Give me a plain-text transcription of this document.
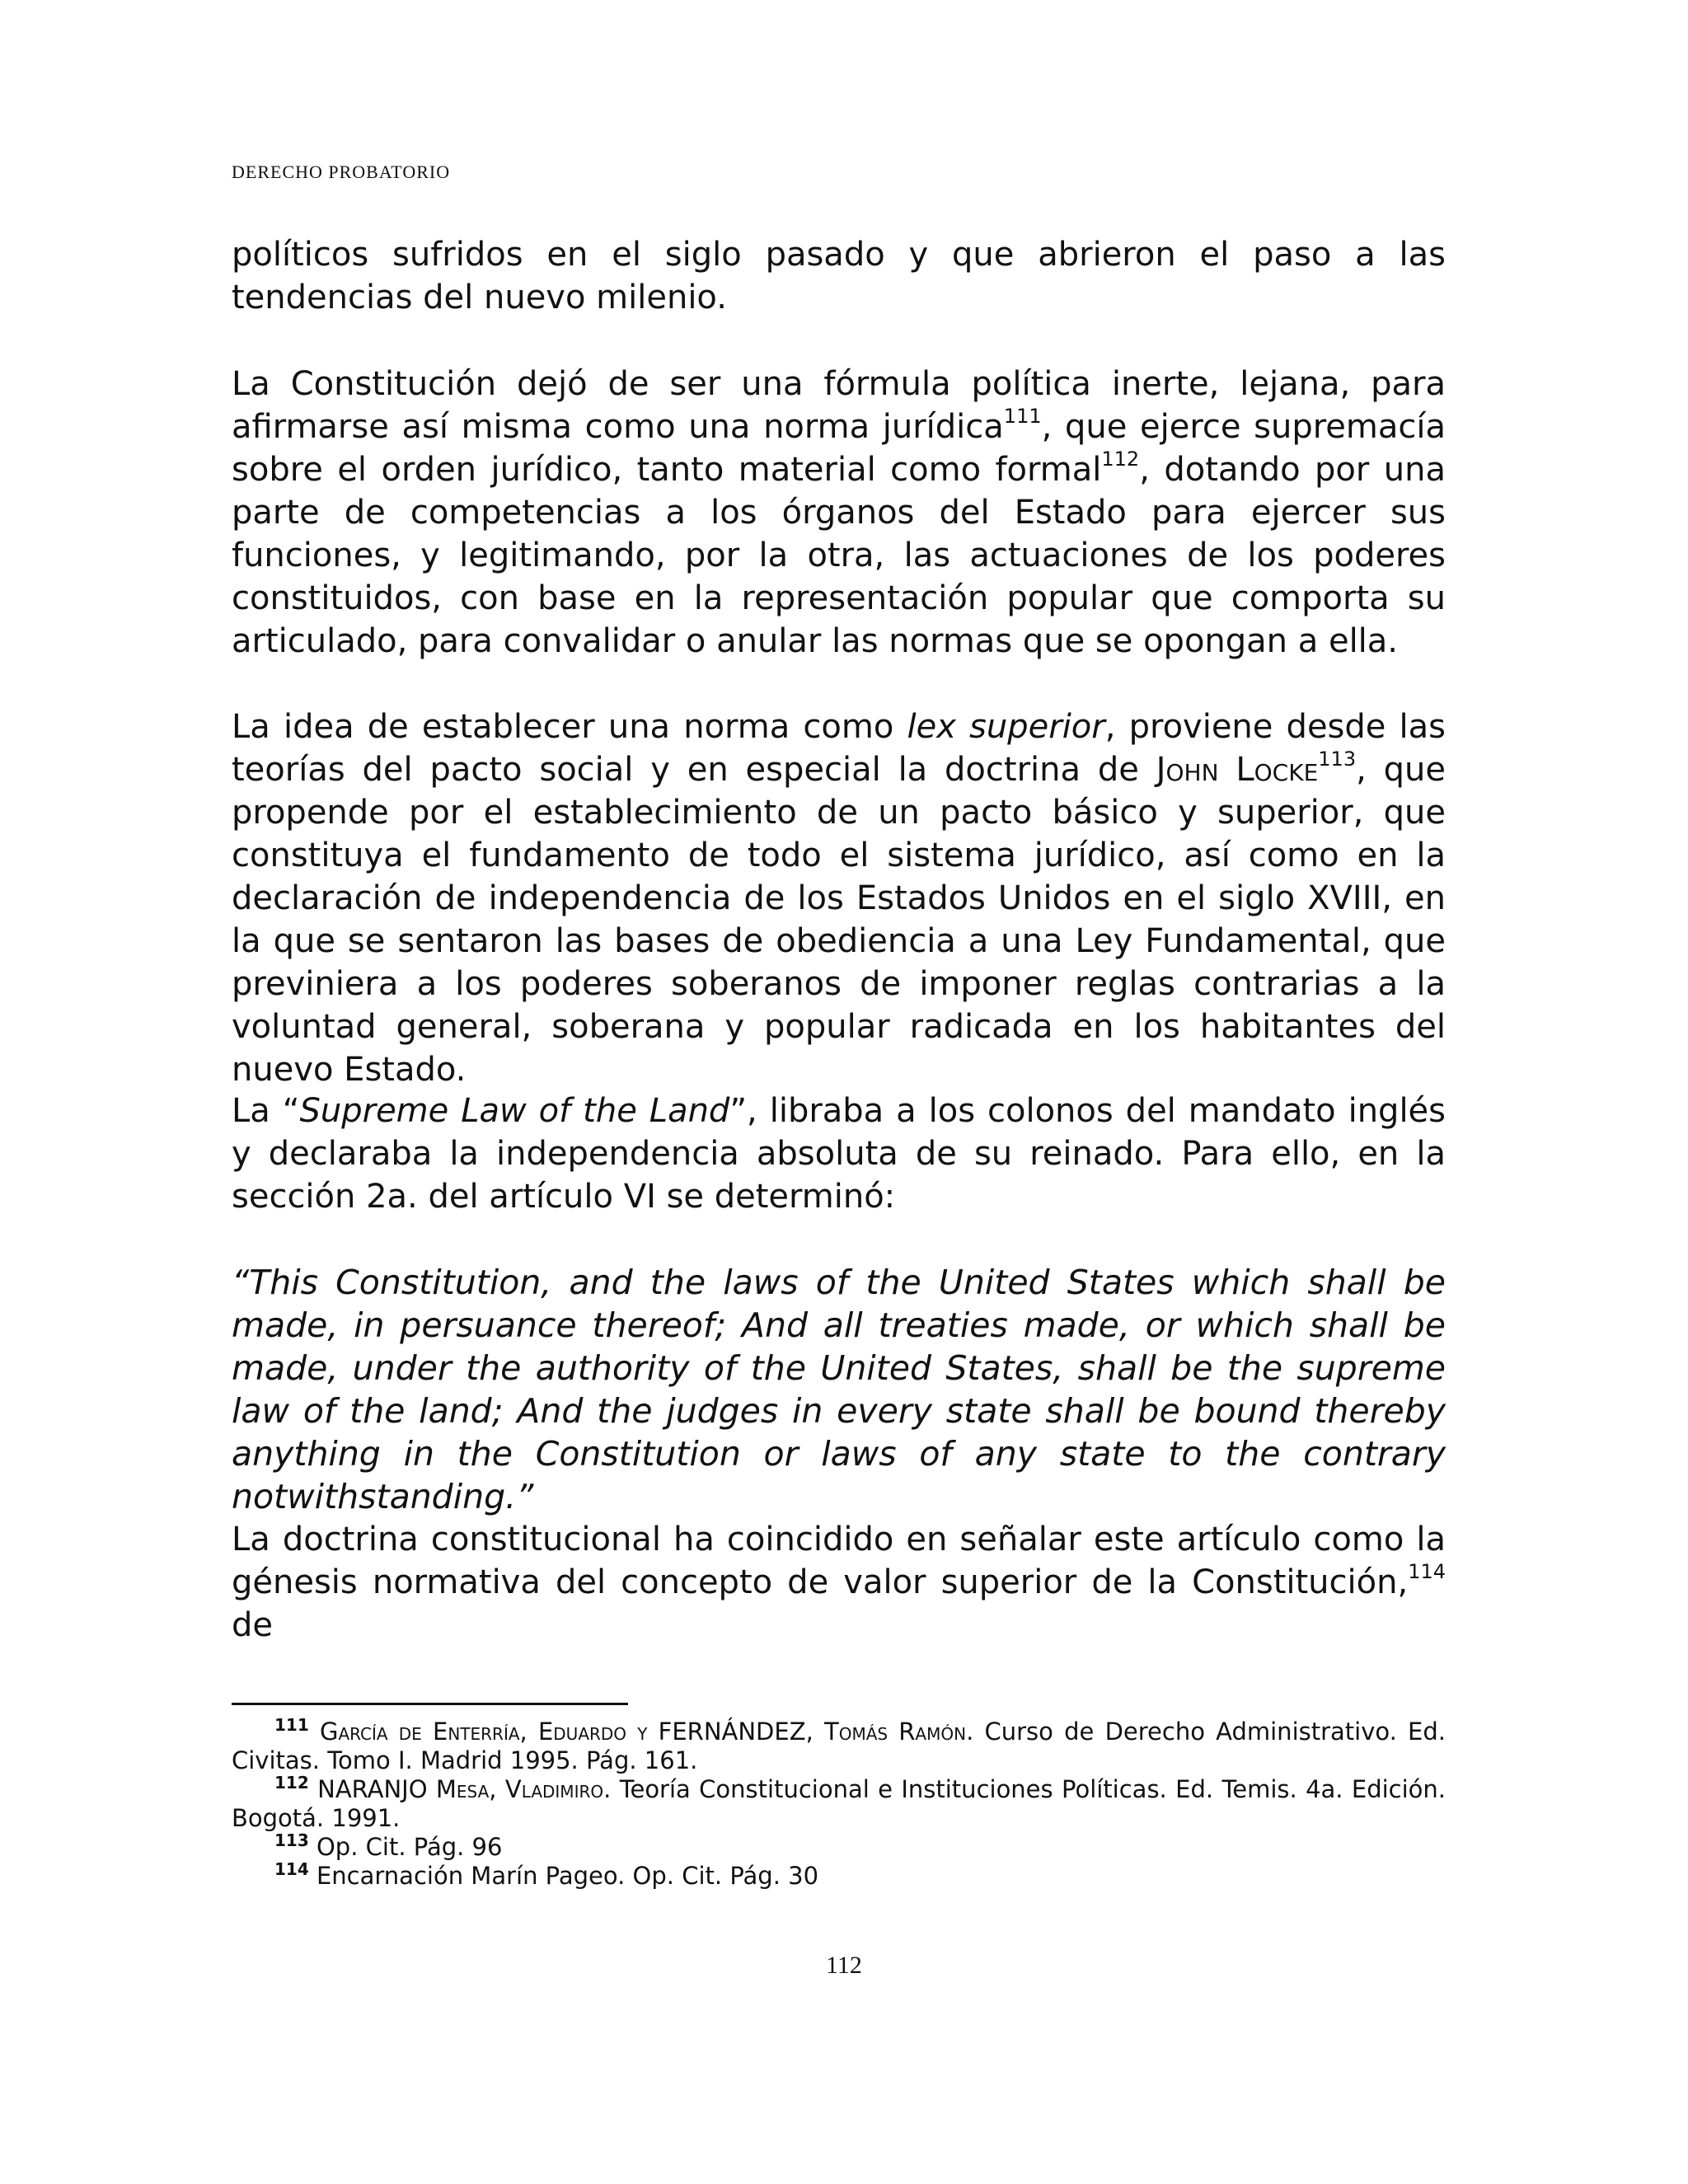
DERECHO PROBATORIO

políticos sufridos en el siglo pasado y que abrieron el paso a las tendencias del nuevo milenio.

La Constitución dejó de ser una fórmula política inerte, lejana, para afirmarse así misma como una norma jurídica$^{111}$, que ejerce supremacía sobre el orden jurídico, tanto material como formal$^{112}$, dotando por una parte de competencias a los órganos del Estado para ejercer sus funciones, y legitimando, por la otra, las actuaciones de los poderes constituidos, con base en la representación popular que comporta su articulado, para convalidar o anular las normas que se opongan a ella.

La idea de establecer una norma como lex superior, proviene desde las teorías del pacto social y en especial la doctrina de John Locke$^{113}$, que propende por el establecimiento de un pacto básico y superior, que constituya el fundamento de todo el sistema jurídico, así como en la declaración de independencia de los Estados Unidos en el siglo XVIII, en la que se sentaron las bases de obediencia a una Ley Fundamental, que previniera a los poderes soberanos de imponer reglas contrarias a la voluntad general, soberana y popular radicada en los habitantes del nuevo Estado.

La “Supreme Law of the Land”, libraba a los colonos del mandato inglés y declaraba la independencia absoluta de su reinado. Para ello, en la sección 2a. del artículo VI se determinó:

“This Constitution, and the laws of the United States which shall be made, in persuance thereof; And all treaties made, or which shall be made, under the authority of the United States, shall be the supreme law of the land; And the judges in every state shall be bound thereby anything in the Constitution or laws of any state to the contrary notwithstanding.”

La doctrina constitucional ha coincidido en señalar este artículo como la génesis normativa del concepto de valor superior de la Constitución,$^{114}$ de

$^{111}$ García de Enterría, Eduardo y FERNÁNDEZ, Tomás Ramón. Curso de Derecho Administrativo. Ed. Civitas. Tomo I. Madrid 1995. Pág. 161.

$^{112}$ NARANJO Mesa, Vladimiro. Teoría Constitucional e Instituciones Políticas. Ed. Temis. 4a. Edición. Bogotá. 1991.

$^{113}$ Op. Cit. Pág. 96

$^{114}$ Encarnación Marín Pageo. Op. Cit. Pág. 30

112
